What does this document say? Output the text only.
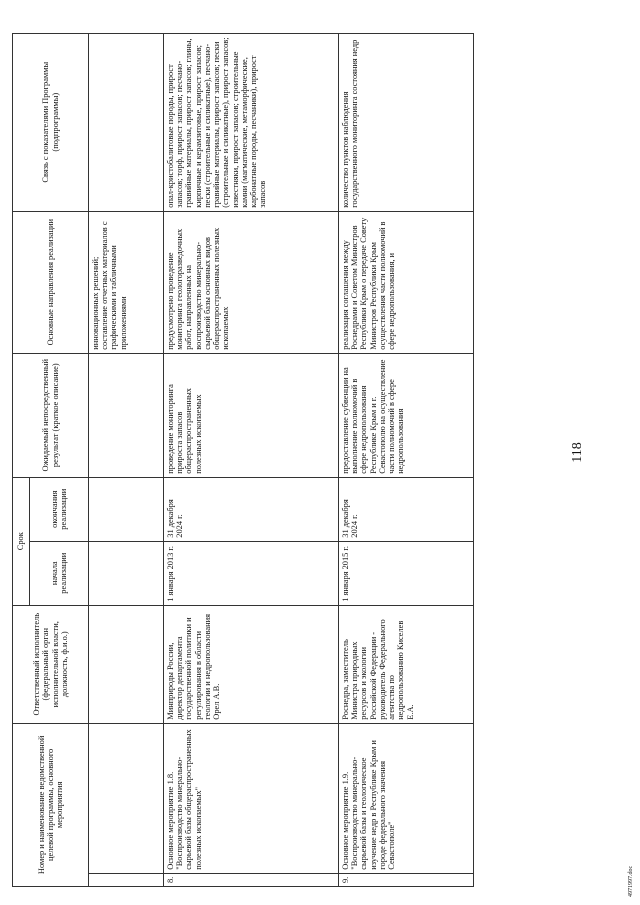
Номер и наименование ведомственной целевой программы, основного мероприятия		Ответственный исполнитель (федеральный орган исполнительной власти, должность, ф.и.о.)	Срок		Ожидаемый непосредственный результат (краткое описание)	Основные направления реализации	Связь с показателями Программы (подпрограммы)
			начала реализации	окончания реализации			
						инновационных решений; составление отчетных материалов с графическими и табличными приложениями	
8.	Основное мероприятие 1.8. "Воспроизводство минерально-сырьевой базы общераспространенных полезных ископаемых"	Минприроды России, директор департамента государственной политики и регулирования в области геологии и недропользования Орел А.В.	1 января 2013 г.	31 декабря 2024 г.	проведение мониторинга прироста запасов общераспространенных полезных ископаемых	предусмотрено проведение мониторинга геологоразведочных работ, направленных на воспроизводство минерально-сырьевой базы основных видов общераспространенных полезных ископаемых	опал-кристобалитовые породы, прирост запасов; торф, прирост запасов; песчано-гравийные материалы, прирост запасов; глины, кирпичные и керамзитовые, прирост запасов; пески (строительные и силикатные), песчано-гравийные материалы, прирост запасов; пески (строительные и силикатные), прирост запасов; известняки, прирост запасов; строительные камни (магматические, метаморфические, карбонатные породы, песчаники), прирост запасов
9.	Основное мероприятие 1.9. "Воспроизводство минерально-сырьевой базы и геологическое изучение недр в Республике Крым и городе федерального значения Севастополе"	Роснедра, заместитель Министра природных ресурсов и экологии Российской Федерации - руководитель Федерального агентства по недропользованию Киселев Е.А.	1 января 2015 г.	31 декабря 2024 г.	предоставление субвенции на выполнение полномочий в сфере недропользования Республике Крым и г. Севастополю на осуществление части полномочий в сфере недропользования	реализация соглашения между Роснедрами и Советом Министров Республики Крым о передаче Совету Министров Республики Крым осуществления части полномочий в сфере недропользования, и	количество пунктов наблюдения государственного мониторинга состояния недр
118
4971997.doc
